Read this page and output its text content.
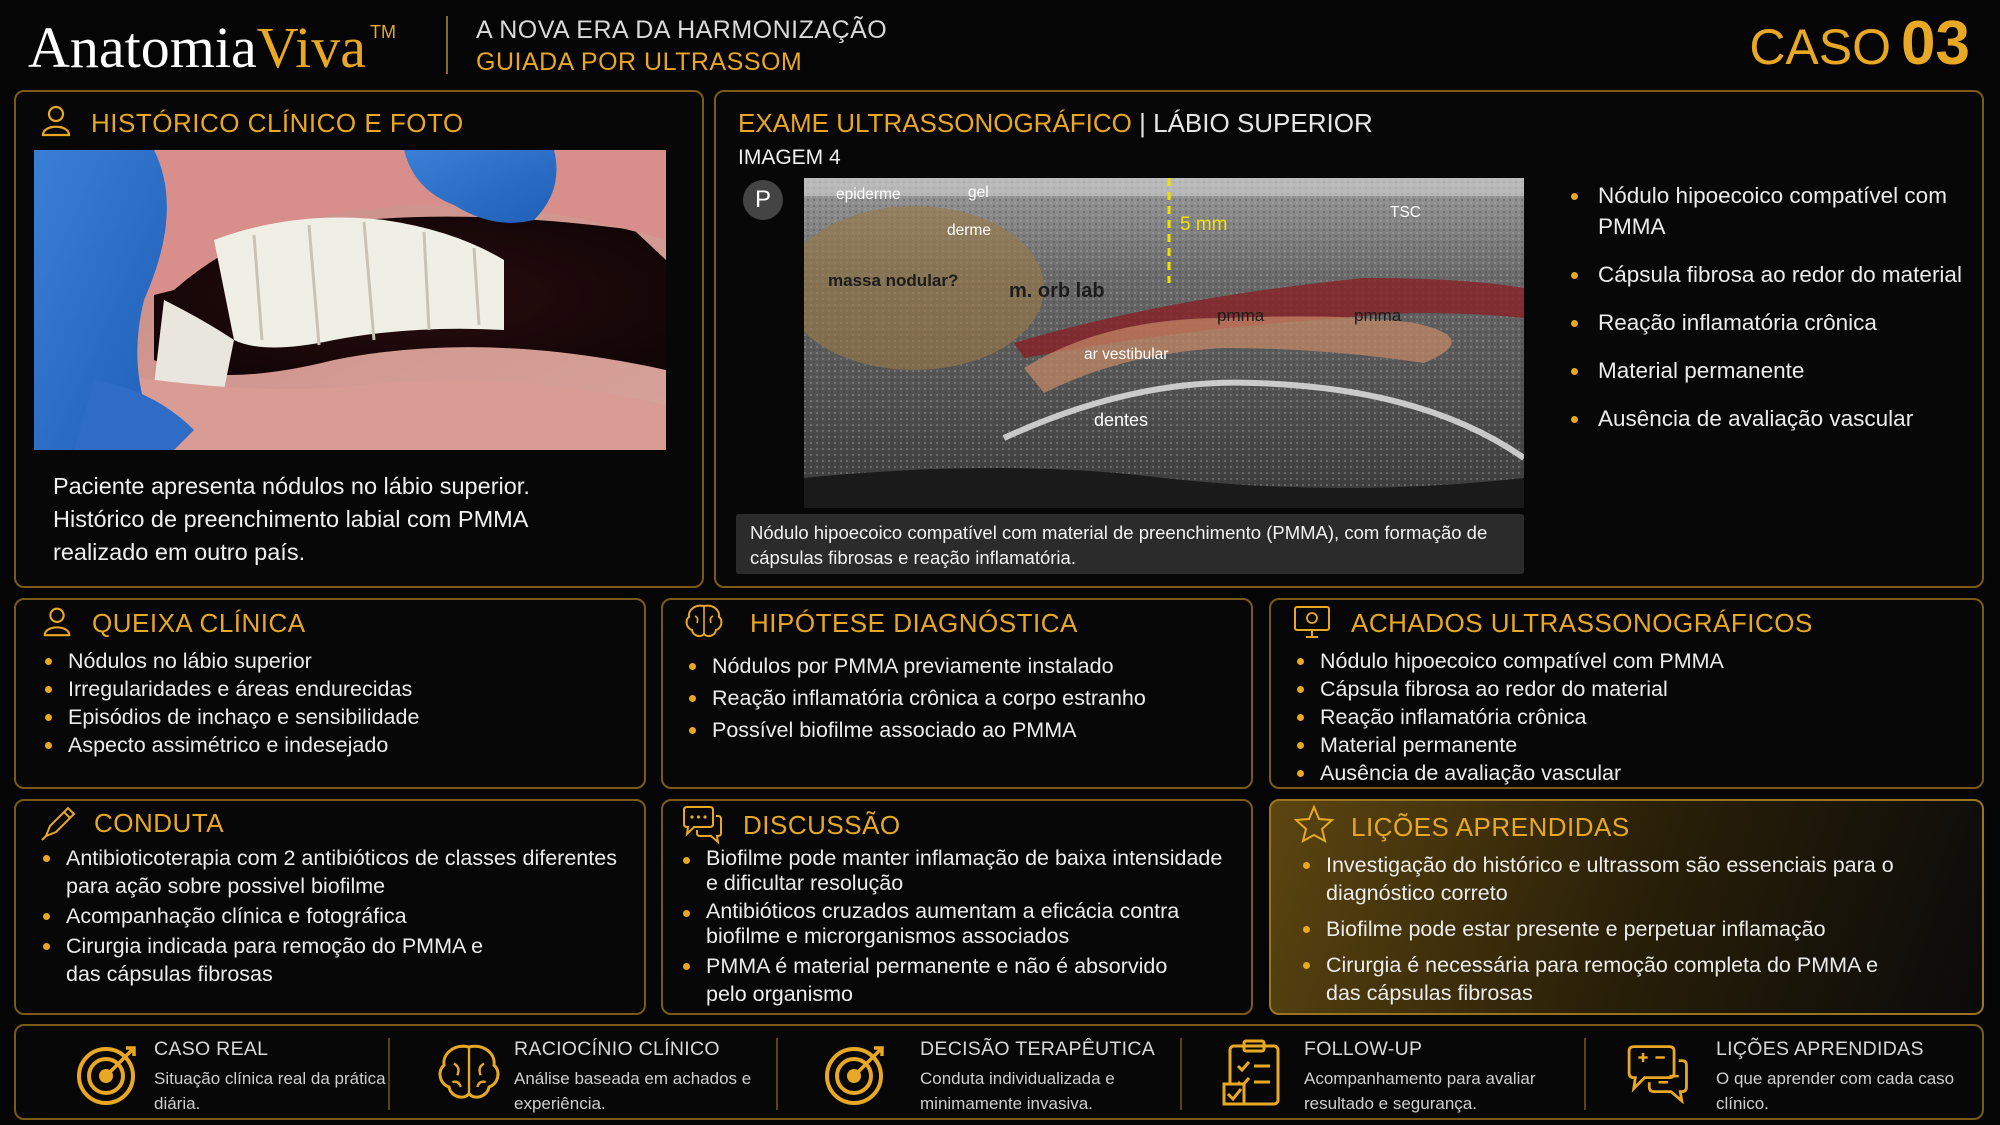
AnatomiaViva ™	A NOVA ERA DA HARMONIZAÇÃO
GUIADA POR ULTRASSOM	CASO 03
HISTÓRICO CLÍNICO E FOTO
Paciente apresenta nódulos no lábio superior. Histórico de preenchimento labial com PMMA realizado em outro país.
EXAME ULTRASSONOGRÁFICO | LÁBIO SUPERIOR
IMAGEM 4
epiderme	gel
derme	5 mm
TSC
massa nodular?	m. orb lab
pmma	pmma
ar vestibular
dentes
P
Nódulo hipoecoico compatível com material de preenchimento (PMMA), com formação de cápsulas fibrosas e reação inflamatória.
Nódulo hipoecoico compatível com PMMA
Cápsula fibrosa ao redor do material
Reação inflamatória crônica
Material permanente
Ausência de avaliação vascular
QUEIXA CLÍNICA
Nódulos no lábio superior
Irregularidades e áreas endurecidas
Episódios de inchaço e sensibilidade
Aspecto assimétrico e indesejado
HIPÓTESE DIAGNÓSTICA
Nódulos por PMMA previamente instalado
Reação inflamatória crônica a corpo estranho
Possível biofilme associado ao PMMA
ACHADOS ULTRASSONOGRÁFICOS
Nódulo hipoecoico compatível com PMMA
Cápsula fibrosa ao redor do material
Reação inflamatória crônica
Material permanente
Ausência de avaliação vascular
CONDUTA
Antibioticoterapia com 2 antibióticos de classes diferentes para ação sobre possivel biofilme
Acompanhação clínica e fotográfica
Cirurgia indicada para remoção do PMMA e das cápsulas fibrosas
DISCUSSÃO
Biofilme pode manter inflamação de baixa intensidade e dificultar resolução
Antibióticos cruzados aumentam a eficácia contra biofilme e microrganismos associados
PMMA é material permanente e não é absorvido pelo organismo
LIÇÕES APRENDIDAS
Investigação do histórico e ultrassom são essenciais para o diagnóstico correto
Biofilme pode estar presente e perpetuar inflamação
Cirurgia é necessária para remoção completa do PMMA e das cápsulas fibrosas
CASO REAL
Situação clínica real da prática diária.
RACIOCÍNIO CLÍNICO
Análise baseada em achados e experiência.
DECISÃO TERAPÊUTICA
Conduta individualizada e minimamente invasiva.
FOLLOW-UP
Acompanhamento para avaliar resultado e segurança.
LIÇÕES APRENDIDAS
O que aprender com cada caso clínico.
